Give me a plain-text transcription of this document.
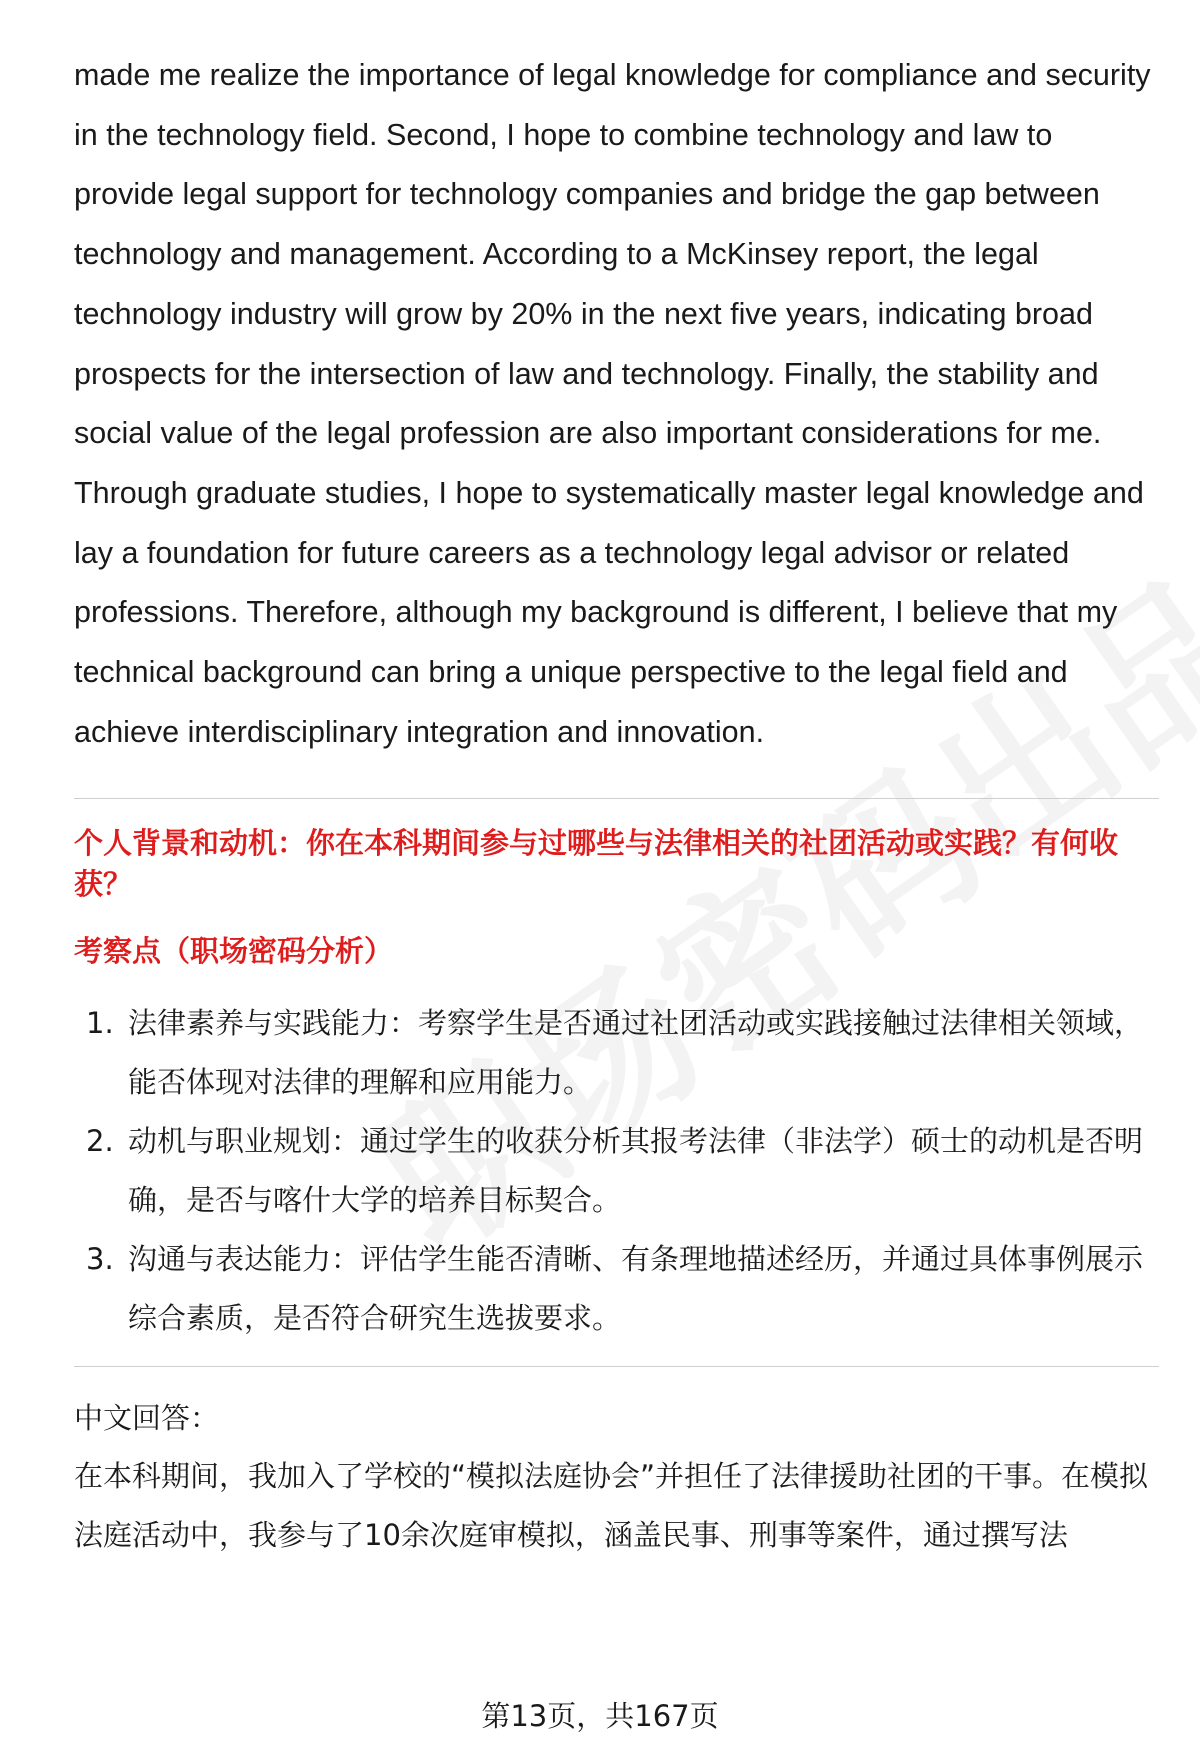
made me realize the importance of legal knowledge for compliance and security in the technology field. Second, I hope to combine technology and law to provide legal support for technology companies and bridge the gap between technology and management. According to a McKinsey report, the legal technology industry will grow by 20% in the next five years, indicating broad prospects for the intersection of law and technology. Finally, the stability and social value of the legal profession are also important considerations for me. Through graduate studies, I hope to systematically master legal knowledge and lay a foundation for future careers as a technology legal advisor or related professions. Therefore, although my background is different, I believe that my technical background can bring a unique perspective to the legal field and achieve interdisciplinary integration and innovation.

个人背景和动机：你在本科期间参与过哪些与法律相关的社团活动或实践？有何收获？

考察点（职场密码分析）

1. 法律素养与实践能力：考察学生是否通过社团活动或实践接触过法律相关领域，能否体现对法律的理解和应用能力。
2. 动机与职业规划：通过学生的收获分析其报考法律（非法学）硕士的动机是否明确，是否与喀什大学的培养目标契合。
3. 沟通与表达能力：评估学生能否清晰、有条理地描述经历，并通过具体事例展示综合素质，是否符合研究生选拔要求。

中文回答：

在本科期间，我加入了学校的“模拟法庭协会”并担任了法律援助社团的干事。在模拟法庭活动中，我参与了10余次庭审模拟，涵盖民事、刑事等案件，通过撰写法

第13页，共167页
